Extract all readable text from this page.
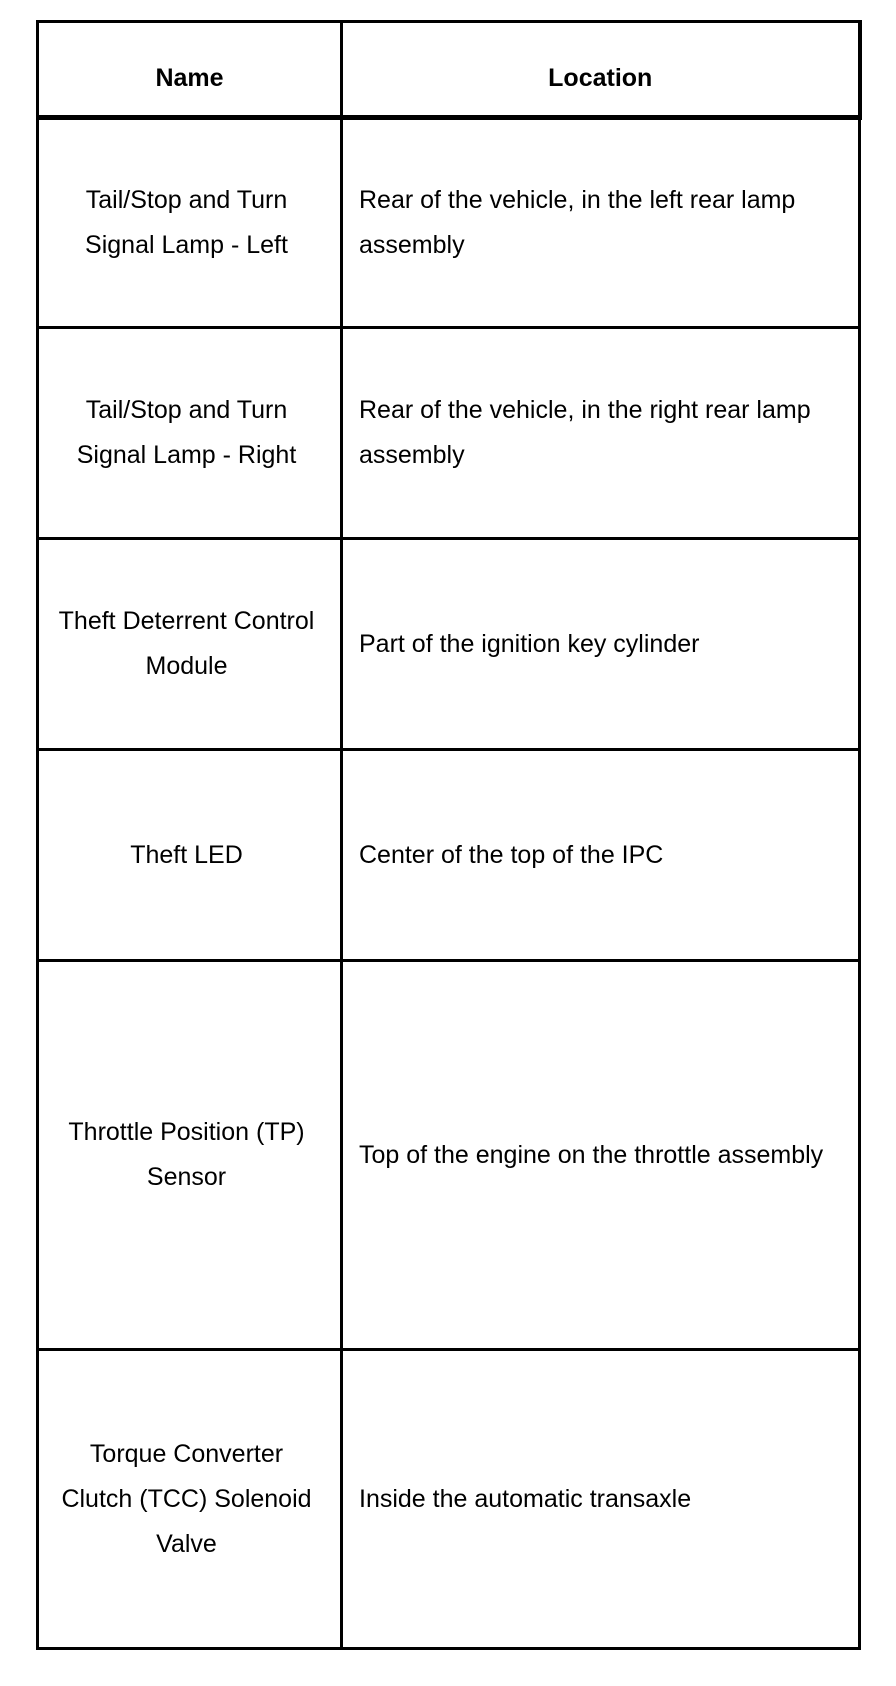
Name	Location
Tail/Stop and Turn Signal Lamp - Left	Rear of the vehicle, in the left rear lamp assembly
Tail/Stop and Turn Signal Lamp - Right	Rear of the vehicle, in the right rear lamp assembly
Theft Deterrent Control Module	Part of the ignition key cylinder
Theft LED	Center of the top of the IPC
Throttle Position (TP) Sensor	Top of the engine on the throttle assembly
Torque Converter Clutch (TCC) Solenoid Valve	Inside the automatic transaxle
